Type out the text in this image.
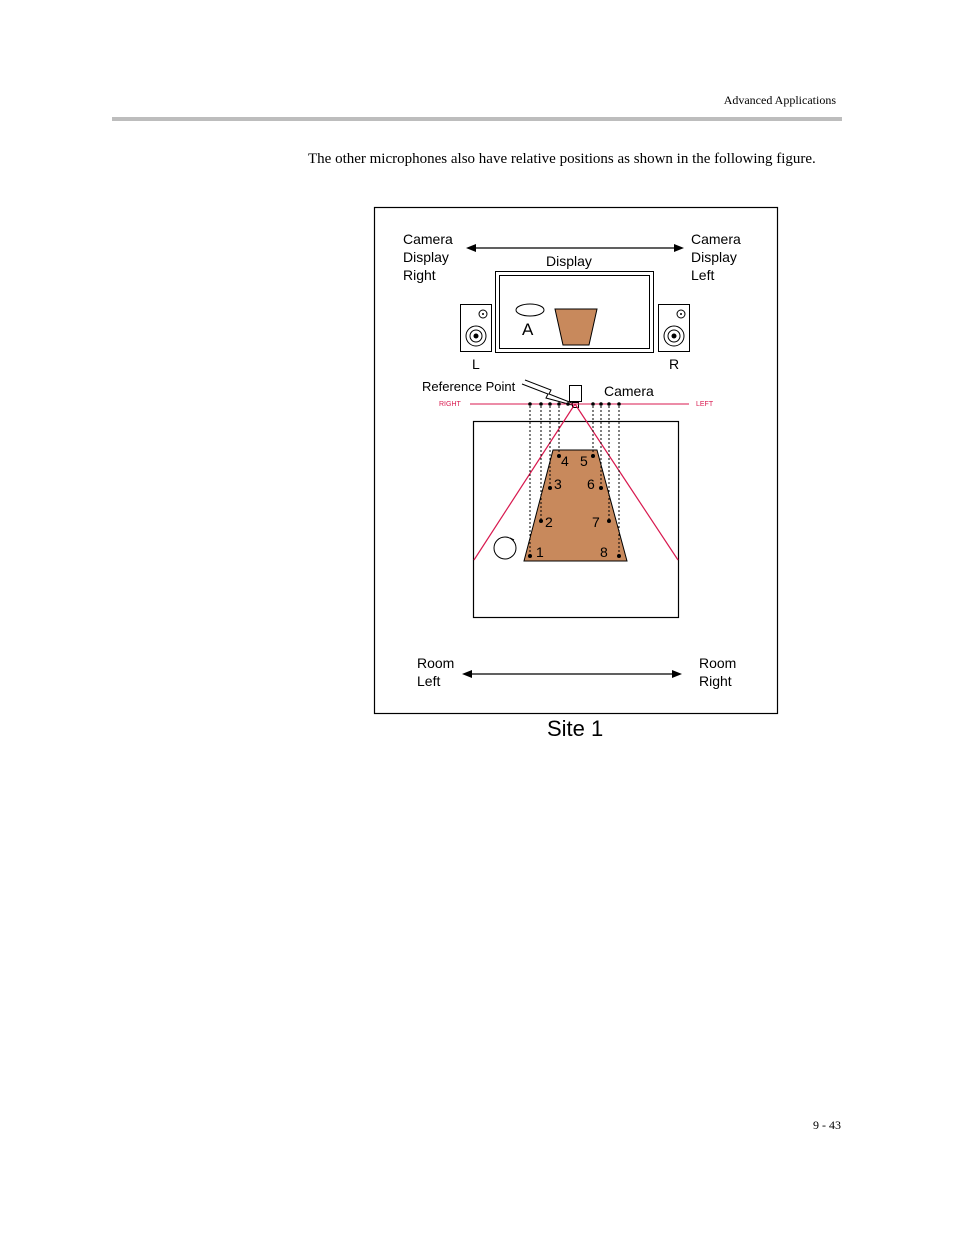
Advanced Applications
The other microphones also have relative positions as shown in the following figure.
Camera
Display
Right
Camera
Display
Left
Display
A
L	R
Reference Point	Camera
RIGHT	LEFT
1
2
3
4 5
6
7
8
Room
Left
Room
Right
Site 1
9 - 43
